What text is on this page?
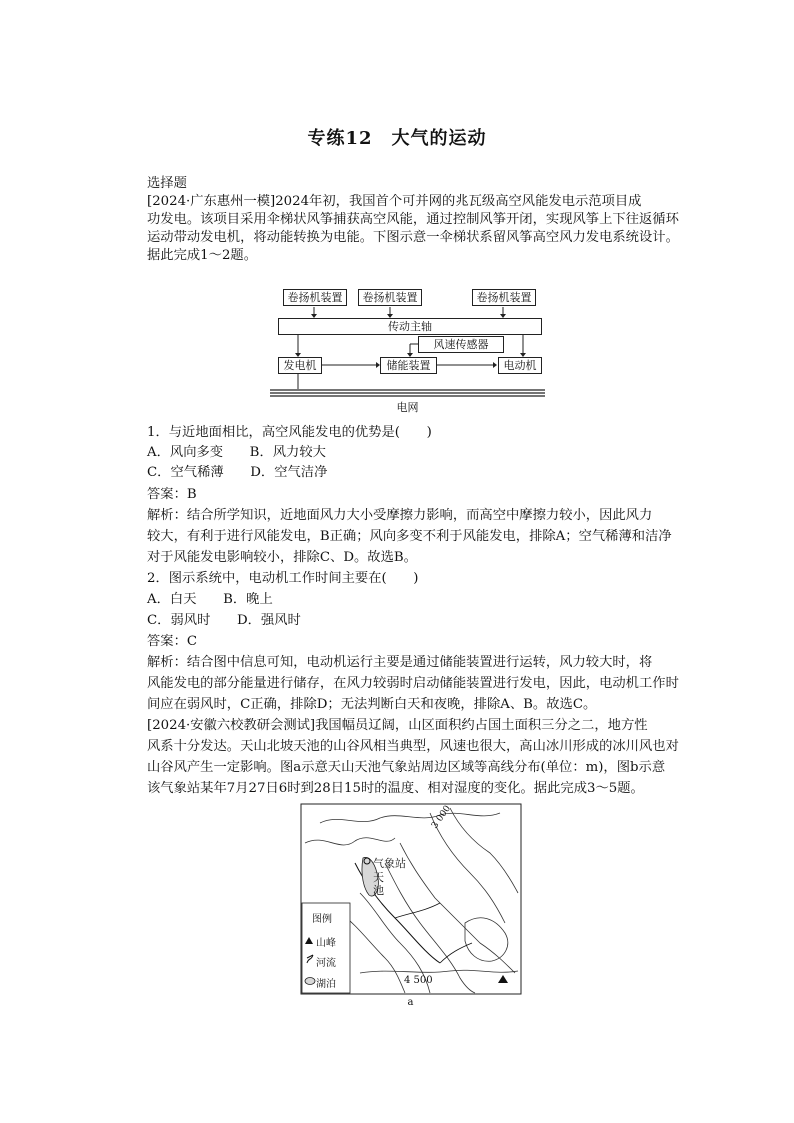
专练12　大气的运动
选择题
[2024·广东惠州一模]2024年初，我国首个可并网的兆瓦级高空风能发电示范项目成
功发电。该项目采用伞梯状风筝捕获高空风能，通过控制风筝开闭，实现风筝上下往返循环
运动带动发电机，将动能转换为电能。下图示意一伞梯状系留风筝高空风力发电系统设计。
据此完成1～2题。
卷扬机装置	卷扬机装置	卷扬机装置
传动主轴
风速传感器
发电机	储能装置	电动机
电网
1．与近地面相比，高空风能发电的优势是(　　)
A．风向多变　　B．风力较大
C．空气稀薄　　D．空气洁净
答案：B
解析：结合所学知识，近地面风力大小受摩擦力影响，而高空中摩擦力较小，因此风力
较大，有利于进行风能发电，B正确；风向多变不利于风能发电，排除A；空气稀薄和洁净
对于风能发电影响较小，排除C、D。故选B。
2．图示系统中，电动机工作时间主要在(　　)
A．白天　　B．晚上
C．弱风时　　D．强风时
答案：C
解析：结合图中信息可知，电动机运行主要是通过储能装置进行运转，风力较大时，将
风能发电的部分能量进行储存，在风力较弱时启动储能装置进行发电，因此，电动机工作时
间应在弱风时，C正确，排除D；无法判断白天和夜晚，排除A、B。故选C。
[2024·安徽六校教研会测试]我国幅员辽阔，山区面积约占国土面积三分之二，地方性
风系十分发达。天山北坡天池的山谷风相当典型，风速也很大，高山冰川形成的冰川风也对
山谷风产生一定影响。图a示意天山天池气象站周边区域等高线分布(单位：m)，图b示意
该气象站某年7月27日6时到28日15时的温度、相对湿度的变化。据此完成3～5题。
3 000
4 500
气象站
天
池
图例
山峰
河流
湖泊
a
